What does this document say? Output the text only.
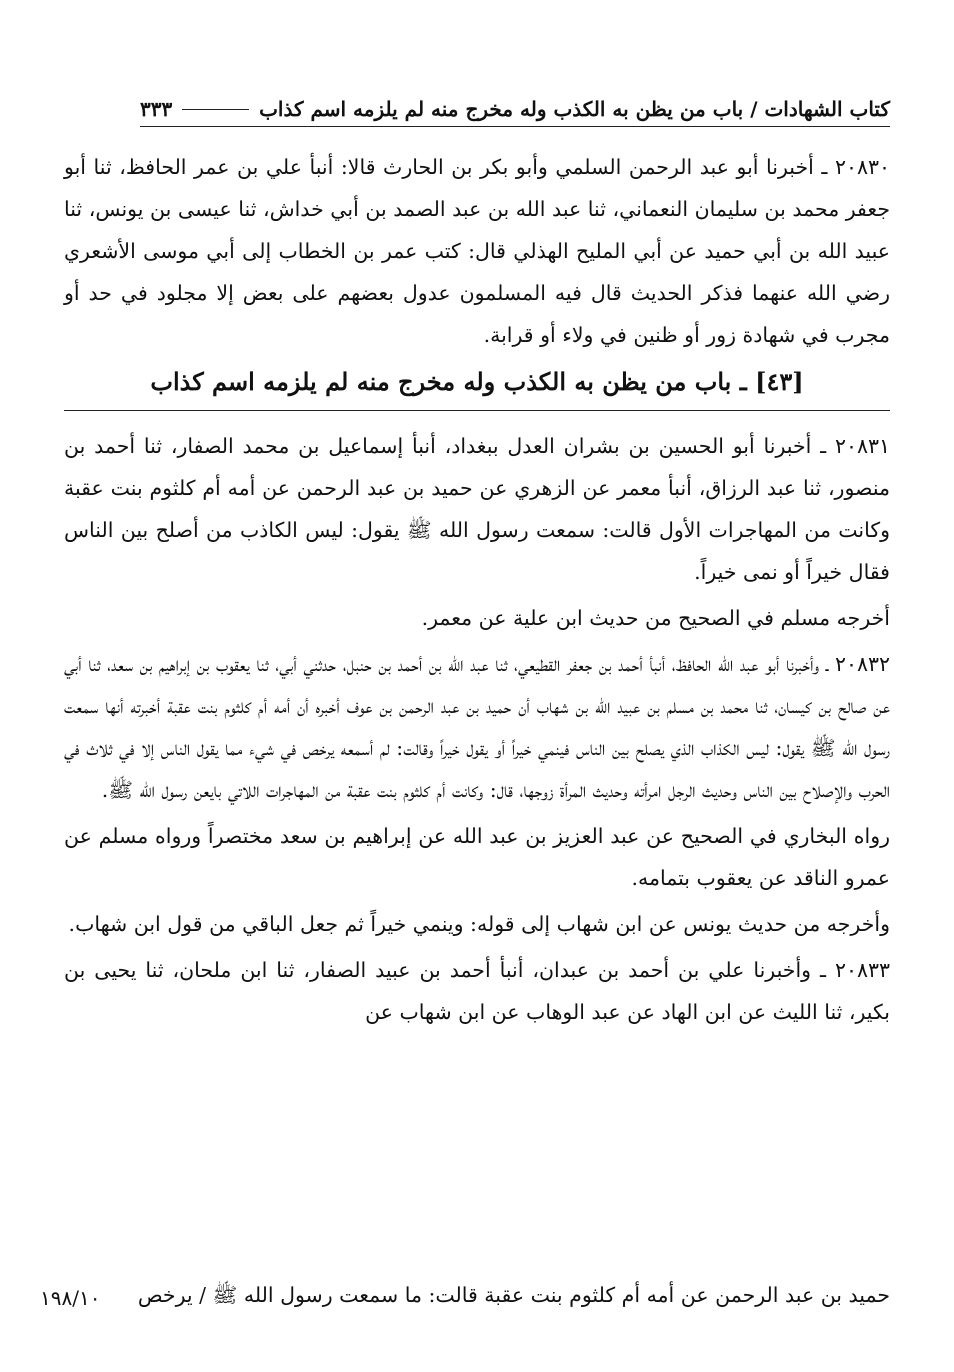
كتاب الشهادات / باب من يظن به الكذب وله مخرج منه لم يلزمه اسم كذاب
٣٣٣

٢٠٨٣٠ ـ أخبرنا أبو عبد الرحمن السلمي وأبو بكر بن الحارث قالا: أنبأ علي بن عمر الحافظ، ثنا أبو جعفر محمد بن سليمان النعماني، ثنا عبد الله بن عبد الصمد بن أبي خداش، ثنا عيسى بن يونس، ثنا عبيد الله بن أبي حميد عن أبي المليح الهذلي قال: كتب عمر بن الخطاب إلى أبي موسى الأشعري رضي الله عنهما فذكر الحديث قال فيه المسلمون عدول بعضهم على بعض إلا مجلود في حد أو مجرب في شهادة زور أو ظنين في ولاء أو قرابة.

[٤٣] ـ باب من يظن به الكذب وله مخرج منه لم يلزمه اسم كذاب

٢٠٨٣١ ـ أخبرنا أبو الحسين بن بشران العدل ببغداد، أنبأ إسماعيل بن محمد الصفار، ثنا أحمد بن منصور، ثنا عبد الرزاق، أنبأ معمر عن الزهري عن حميد بن عبد الرحمن عن أمه أم كلثوم بنت عقبة وكانت من المهاجرات الأول قالت: سمعت رسول الله ﷺ يقول: ليس الكاذب من أصلح بين الناس فقال خيراً أو نمى خيراً.

أخرجه مسلم في الصحيح من حديث ابن علية عن معمر.

٢٠٨٣٢ ـ وأخبرنا أبو عبد الله الحافظ، أنبأ أحمد بن جعفر القطيعي، ثنا عبد الله بن أحمد بن حنبل، حدثني أبي، ثنا يعقوب بن إبراهيم بن سعد، ثنا أبي عن صالح بن كيسان، ثنا محمد بن مسلم بن عبيد الله بن شهاب أن حميد بن عبد الرحمن بن عوف أخبره أن أمه أم كلثوم بنت عقبة أخبرته أنها سمعت رسول الله ﷺ يقول: ليس الكذاب الذي يصلح بين الناس فينمي خيراً أو يقول خيراً وقالت: لم أسمعه يرخص في شيء مما يقول الناس إلا في ثلاث في الحرب والإصلاح بين الناس وحديث الرجل امرأته وحديث المرأة زوجها، قال: وكانت أم كلثوم بنت عقبة من المهاجرات اللاتي بايعن رسول الله ﷺ.

رواه البخاري في الصحيح عن عبد العزيز بن عبد الله عن إبراهيم بن سعد مختصراً ورواه مسلم عن عمرو الناقد عن يعقوب بتمامه.

وأخرجه من حديث يونس عن ابن شهاب إلى قوله: وينمي خيراً ثم جعل الباقي من قول ابن شهاب.

٢٠٨٣٣ ـ وأخبرنا علي بن أحمد بن عبدان، أنبأ أحمد بن عبيد الصفار، ثنا ابن ملحان، ثنا يحيى بن بكير، ثنا الليث عن ابن الهاد عن عبد الوهاب عن ابن شهاب عن

حميد بن عبد الرحمن عن أمه أم كلثوم بنت عقبة قالت: ما سمعت رسول الله ﷺ / يرخص
١٩٨/١٠
